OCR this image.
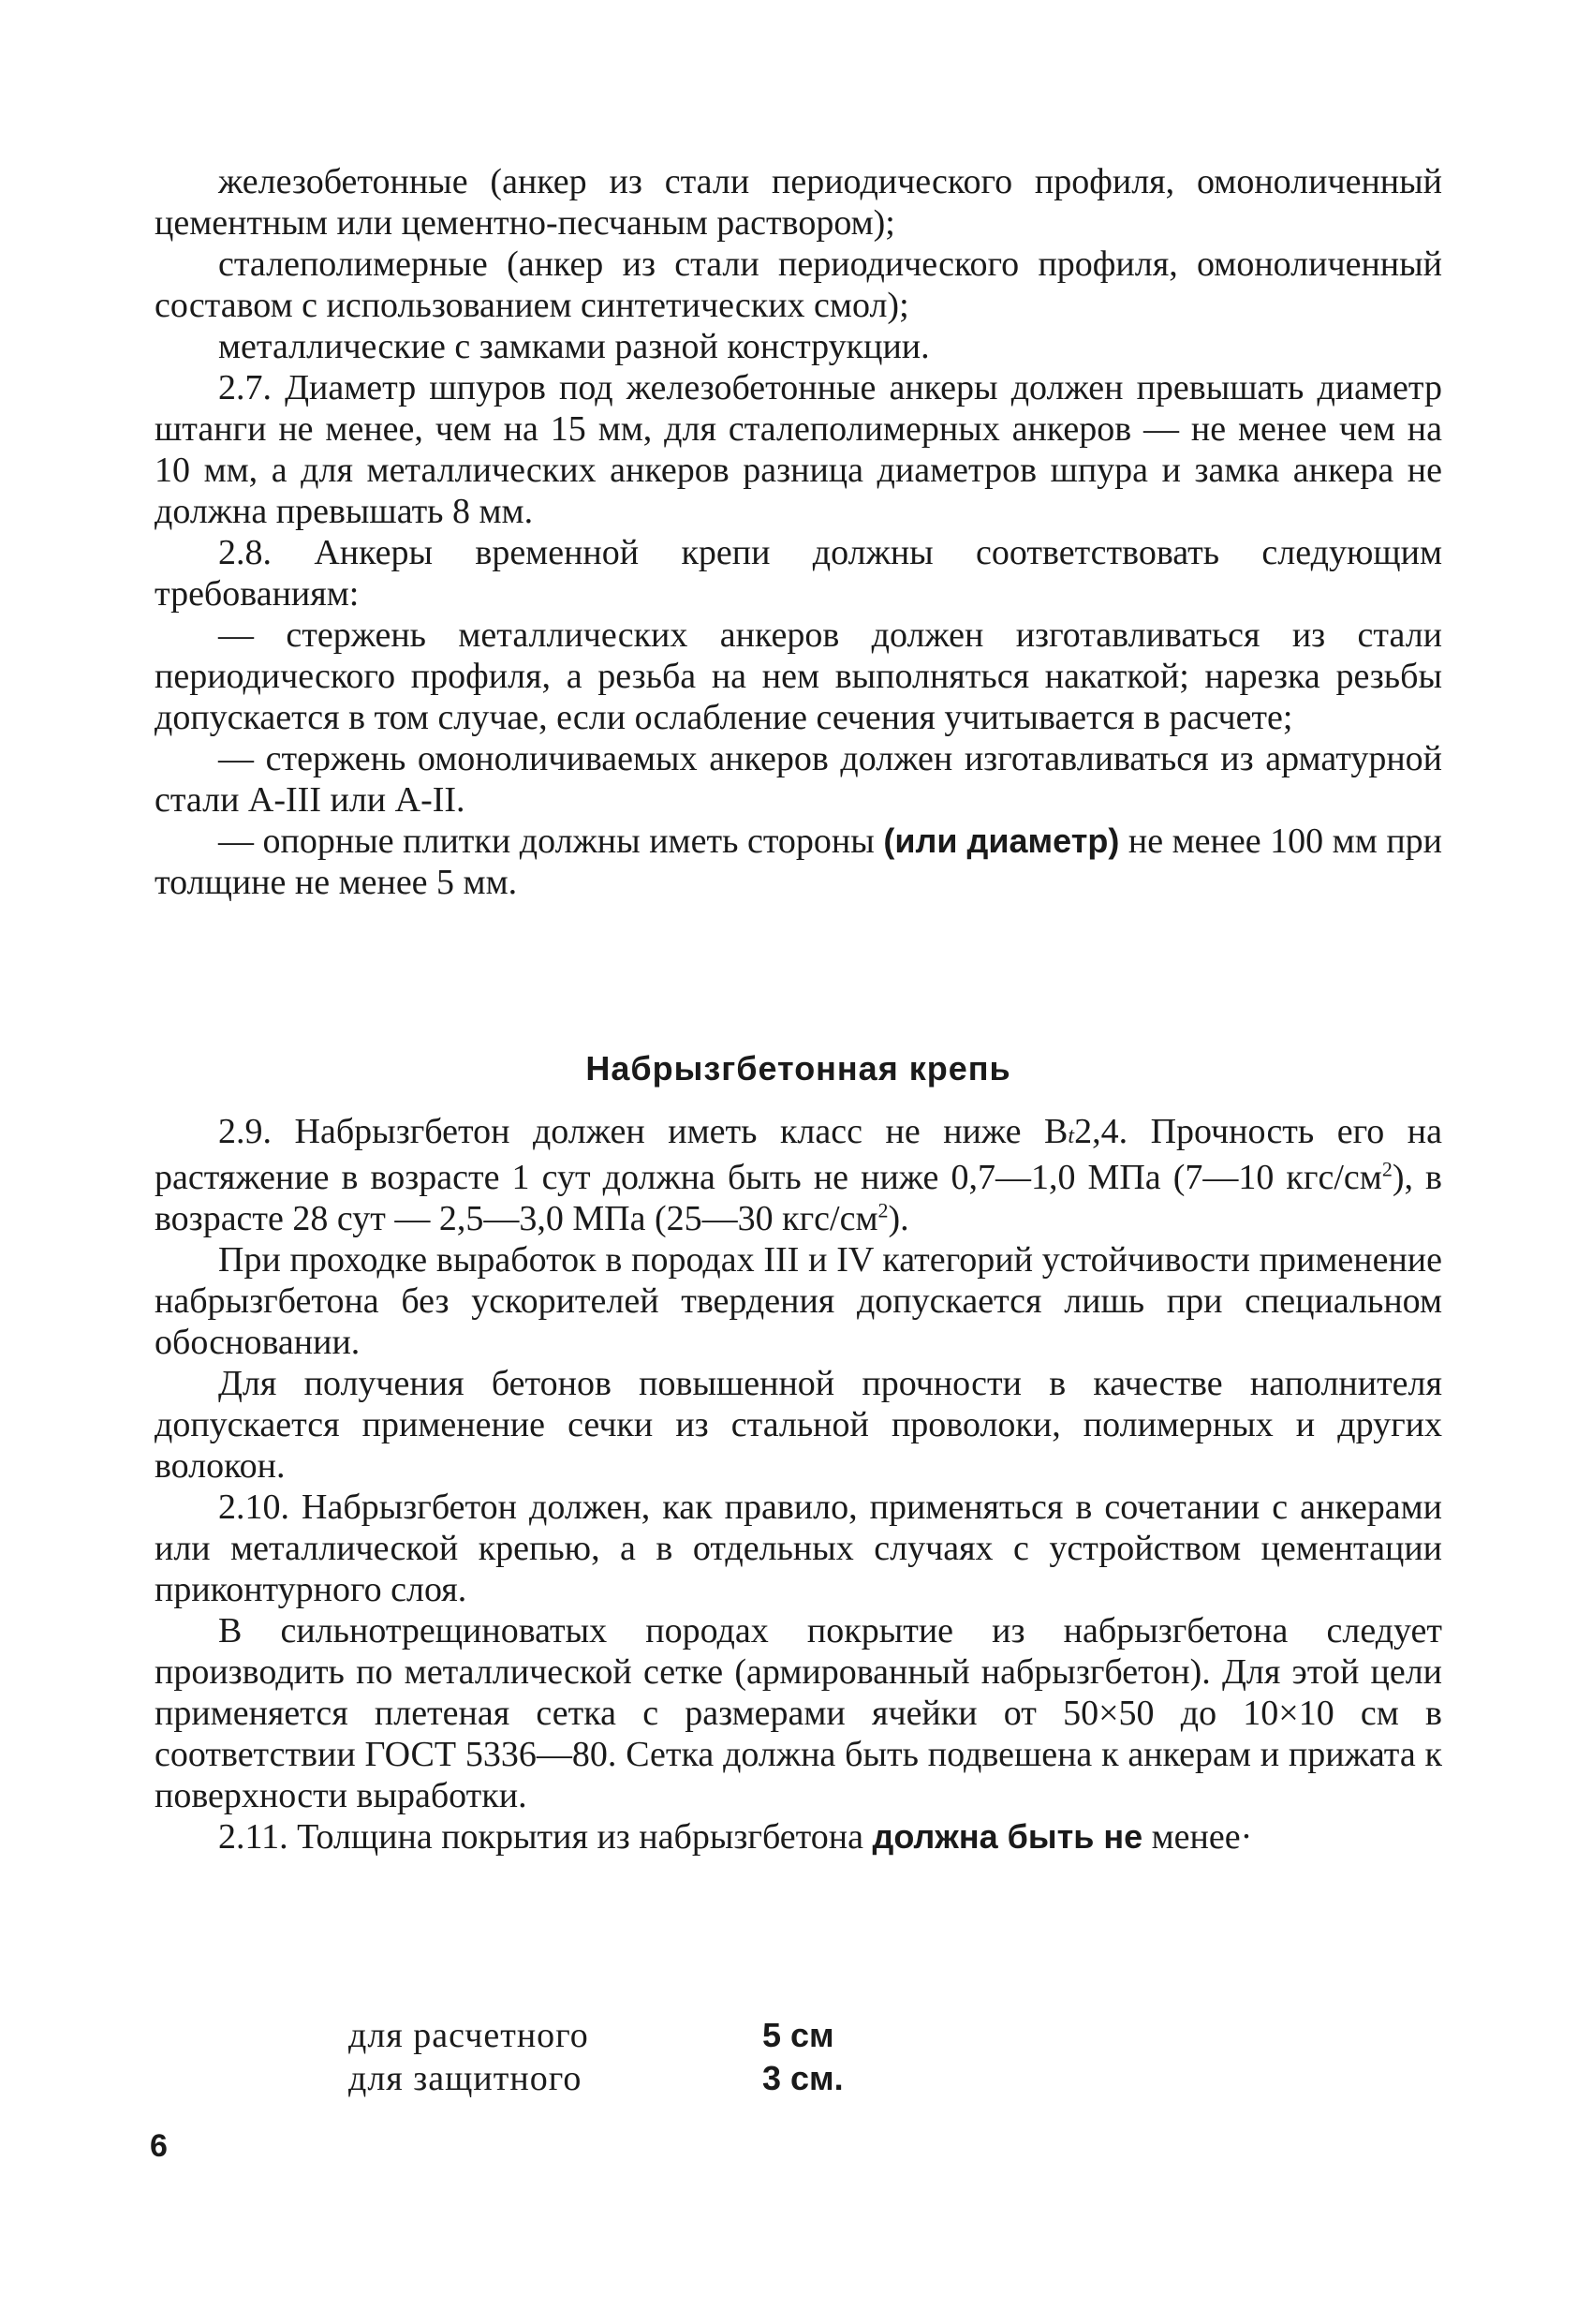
железобетонные (анкер из стали периодического профиля, омоноличенный цементным или цементно-песчаным раствором);

сталеполимерные (анкер из стали периодического профиля, омоноличенный составом с использованием синтетических смол);

металлические с замками разной конструкции.

2.7. Диаметр шпуров под железобетонные анкеры должен превышать диаметр штанги не менее, чем на 15 мм, для сталеполимерных анкеров — не менее чем на 10 мм, а для металлических анкеров разница диаметров шпура и замка анкера не должна превышать 8 мм.

2.8. Анкеры временной крепи должны соответствовать следующим требованиям:

— стержень металлических анкеров должен изготавливаться из стали периодического профиля, а резьба на нем выполняться накаткой; нарезка резьбы допускается в том случае, если ослабление сечения учитывается в расчете;

— стержень омоноличиваемых анкеров должен изготавливаться из арматурной стали А-III или А-II.

— опорные плитки должны иметь стороны (или диаметр) не менее 100 мм при толщине не менее 5 мм.

Набрызгбетонная крепь

2.9. Набрызгбетон должен иметь класс не ниже Вt2,4. Прочность его на растяжение в возрасте 1 сут должна быть не ниже 0,7—1,0 МПа (7—10 кгс/$см^2$), в возрасте 28 сут — 2,5—3,0 МПа (25—30 кгс/$см^2$).

При проходке выработок в породах III и IV категорий устойчивости применение набрызгбетона без ускорителей твердения допускается лишь при специальном обосновании.

Для получения бетонов повышенной прочности в качестве наполнителя допускается применение сечки из стальной проволоки, полимерных и других волокон.

2.10. Набрызгбетон должен, как правило, применяться в сочетании с анкерами или металлической крепью, а в отдельных случаях с устройством цементации приконтурного слоя.

В сильнотрещиноватых породах покрытие из набрызгбетона следует производить по металлической сетке (армированный набрызгбетон). Для этой цели применяется плетеная сетка с размерами ячейки от 50×50 до 10×10 см в соответствии ГОСТ 5336—80. Сетка должна быть подвешена к анкерам и прижата к поверхности выработки.

2.11. Толщина покрытия из набрызгбетона должна быть не менее·

для расчетного	5 см
для защитного	3 см.
6
